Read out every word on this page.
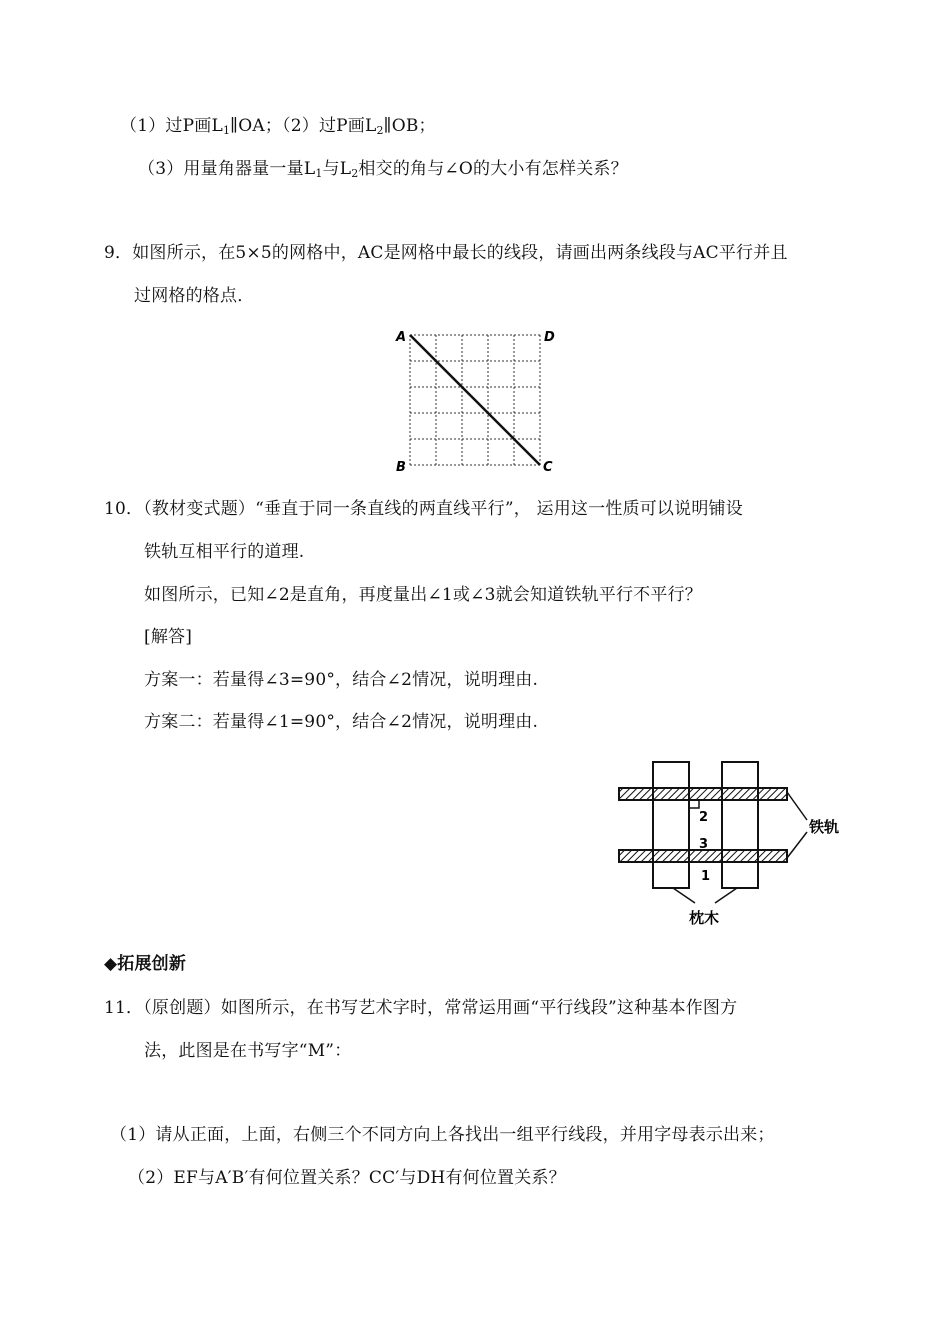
（1）过P画$L_1\parallel OA$；（2）过P画$L_2\parallel OB$；
（3）用量角器量一量$L_1$与$L_2$相交的角与∠O的大小有怎样关系？
9．如图所示，在5×5的网格中，AC是网格中最长的线段，请画出两条线段与AC平行并且
过网格的格点．
A	D
B	C
10．（教材变式题）“垂直于同一条直线的两直线平行”， 运用这一性质可以说明铺设
铁轨互相平行的道理.
如图所示，已知∠2是直角，再度量出∠1或∠3就会知道铁轨平行不平行？
[解答]
方案一：若量得∠3=90°，结合∠2情况，说明理由.
方案二：若量得∠1=90°，结合∠2情况，说明理由.
2
3
1
铁轨
枕木
◆拓展创新
11．（原创题）如图所示，在书写艺术字时，常常运用画“平行线段”这种基本作图方
法，此图是在书写字“M”：
（1）请从正面，上面，右侧三个不同方向上各找出一组平行线段，并用字母表示出来；
（2）EF与A′B′有何位置关系？CC′与DH有何位置关系？
